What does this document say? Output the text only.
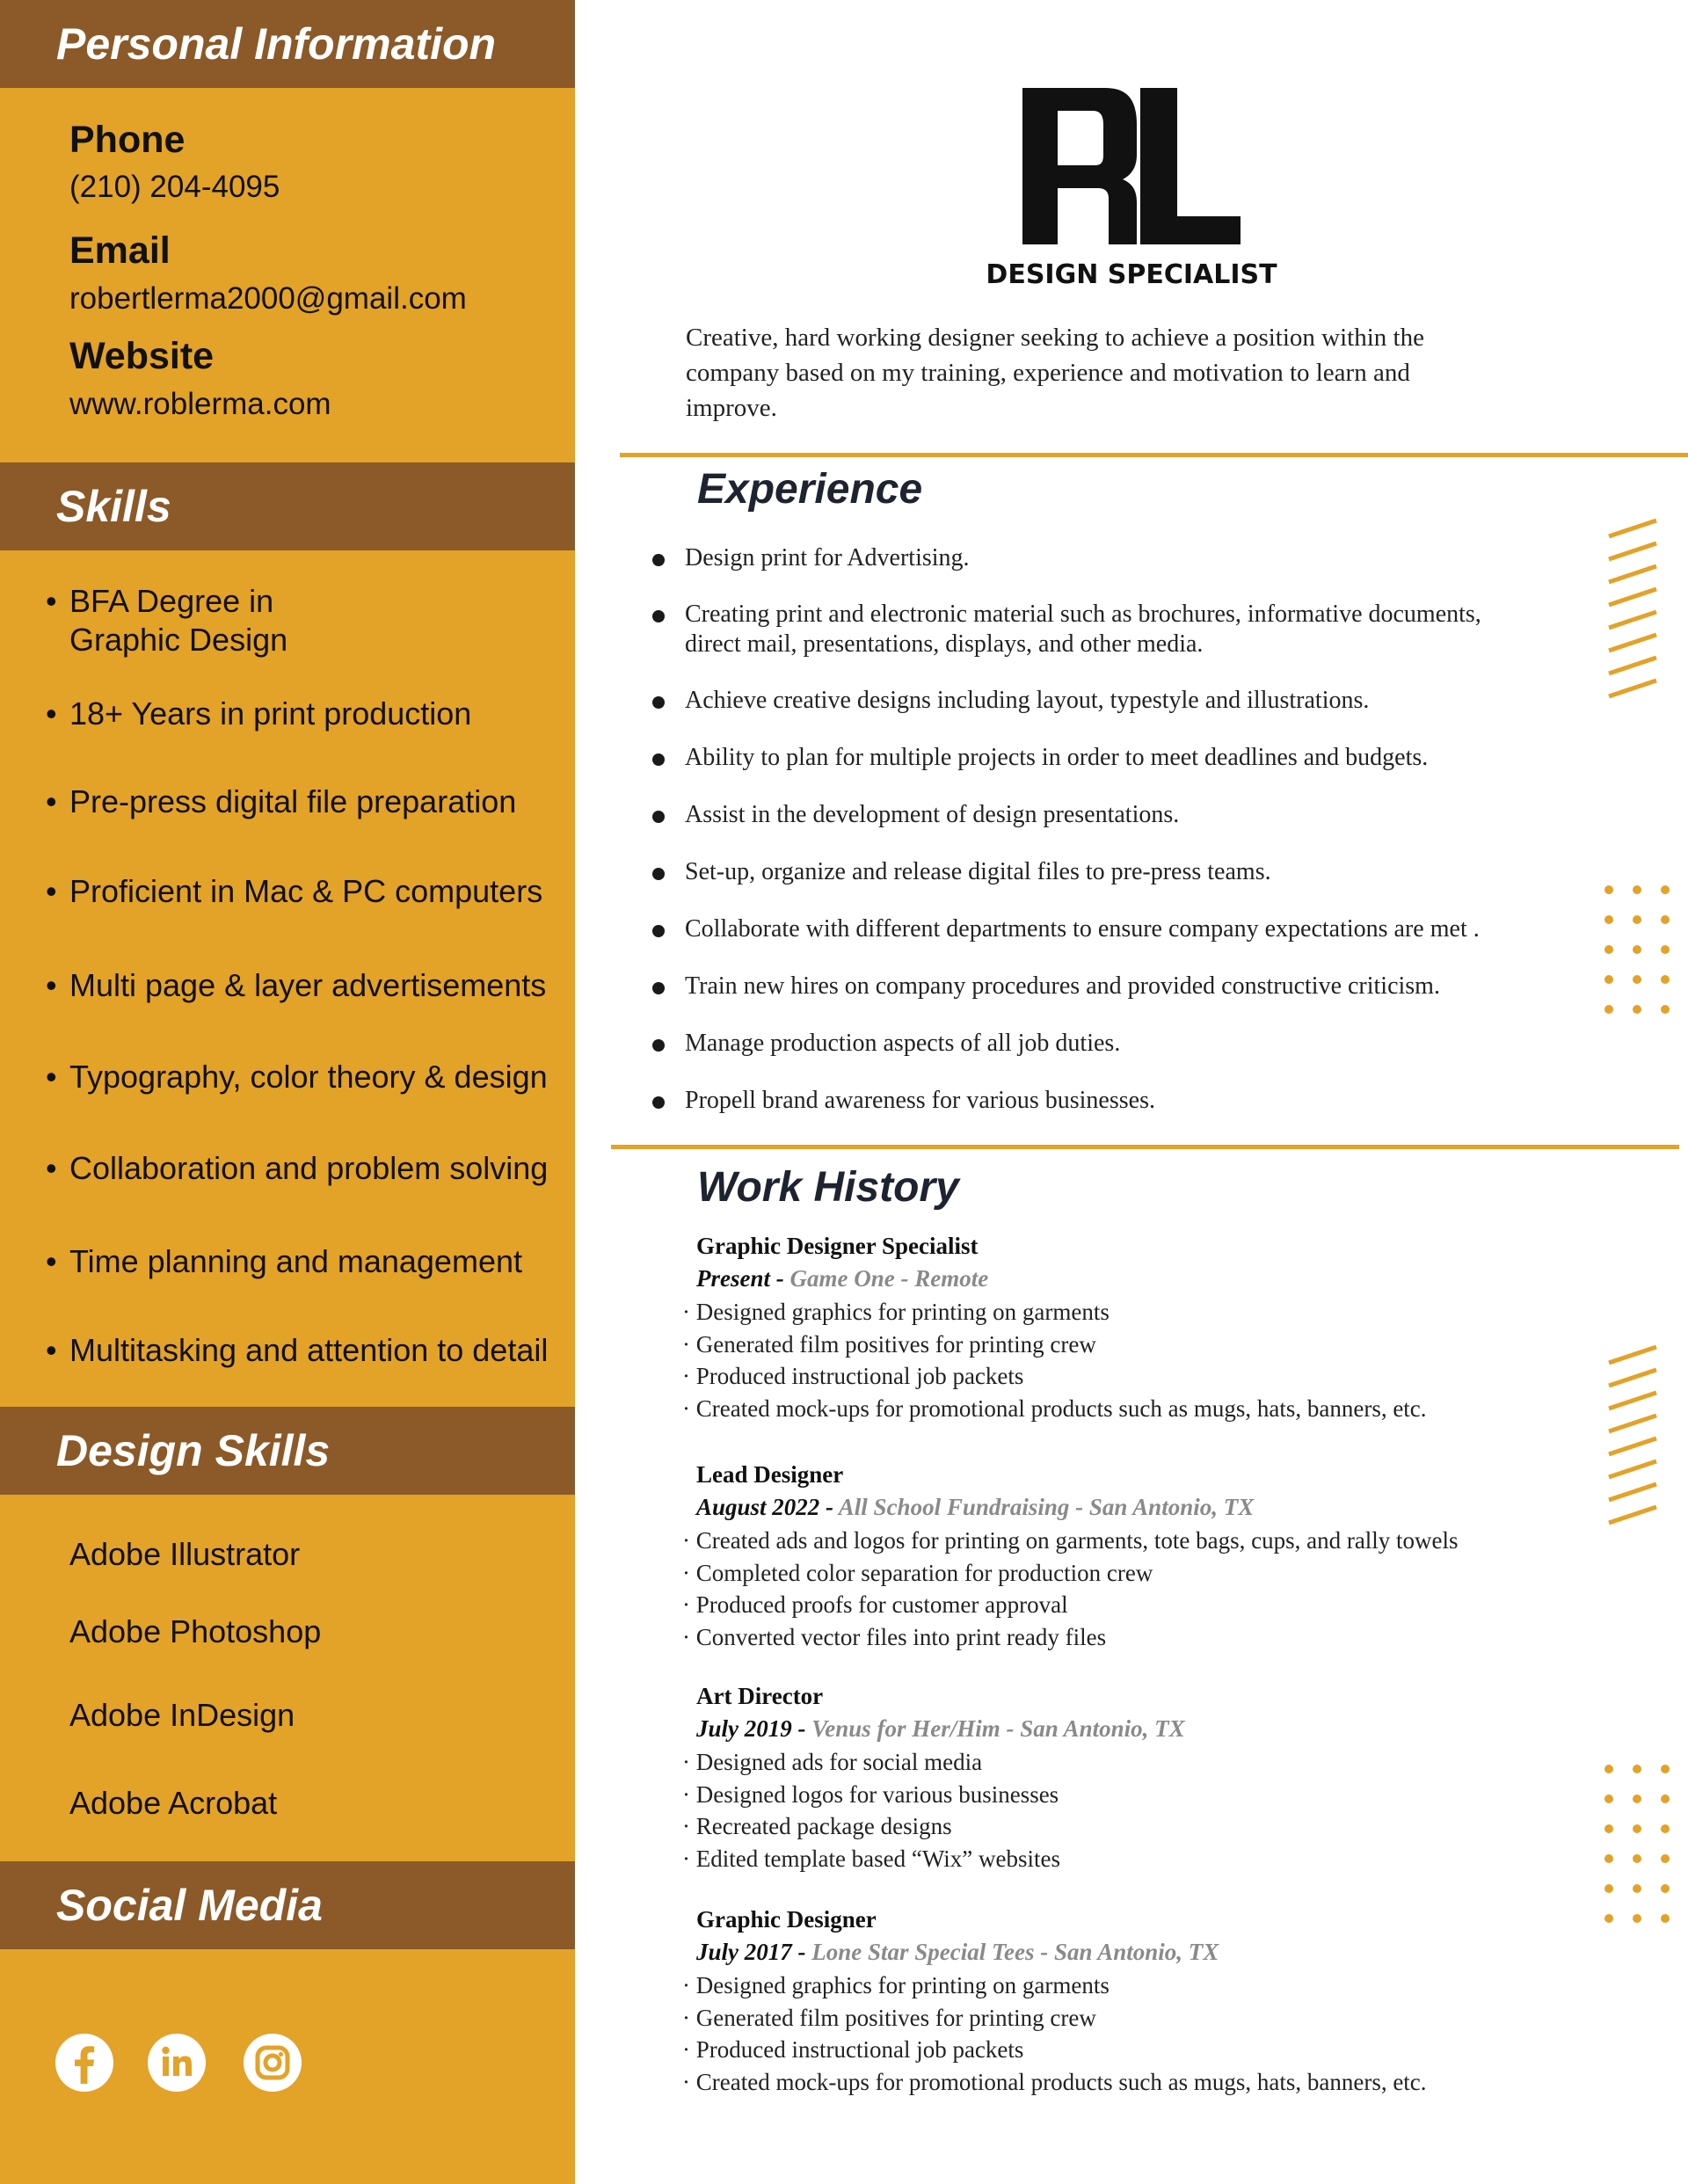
Personal Information
Phone
(210) 204-4095
Email
robertlerma2000@gmail.com
Website
www.roblerma.com
Skills
• BFA Degree in
Graphic Design
• 18+ Years in print production
• Pre-press digital file preparation
• Proficient in Mac & PC computers
• Multi page & layer advertisements
• Typography, color theory & design
• Collaboration and problem solving
• Time planning and management
• Multitasking and attention to detail
Design Skills
Adobe Illustrator
Adobe Photoshop
Adobe InDesign
Adobe Acrobat
Social Media
DESIGN SPECIALIST
Creative, hard working designer seeking to achieve a position within the company based on my training, experience and motivation to learn and improve.
Experience
Design print for Advertising.
Creating print and electronic material such as brochures, informative documents, direct mail, presentations, displays, and other media.
Achieve creative designs including layout, typestyle and illustrations.
Ability to plan for multiple projects in order to meet deadlines and budgets.
Assist in the development of design presentations.
Set-up, organize and release digital files to pre-press teams.
Collaborate with different departments to ensure company expectations are met .
Train new hires on company procedures and provided constructive criticism.
Manage production aspects of all job duties.
Propell brand awareness for various businesses.
Work History
Graphic Designer Specialist
Present - Game One - Remote
· Designed graphics for printing on garments
· Generated film positives for printing crew
· Produced instructional job packets
· Created mock-ups for promotional products such as mugs, hats, banners, etc.
Lead Designer
August 2022 - All School Fundraising - San Antonio, TX
· Created ads and logos for printing on garments, tote bags, cups, and rally towels
· Completed color separation for production crew
· Produced proofs for customer approval
· Converted vector files into print ready files
Art Director
July 2019 - Venus for Her/Him - San Antonio, TX
· Designed ads for social media
· Designed logos for various businesses
· Recreated package designs
· Edited template based “Wix” websites
Graphic Designer
July 2017 - Lone Star Special Tees - San Antonio, TX
· Designed graphics for printing on garments
· Generated film positives for printing crew
· Produced instructional job packets
· Created mock-ups for promotional products such as mugs, hats, banners, etc.
